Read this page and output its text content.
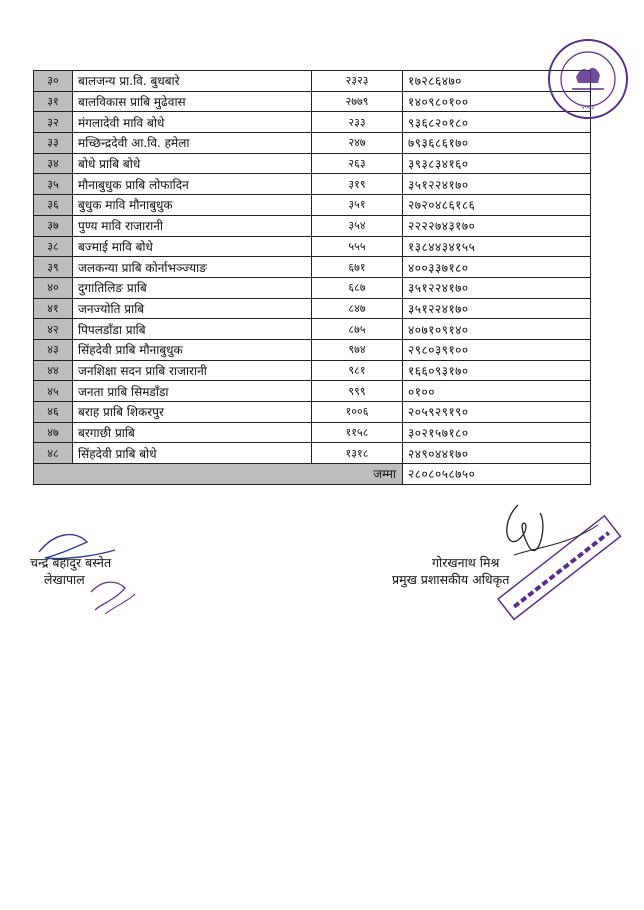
३०	बालजन्य प्रा.वि. बुधबारे	२३२३	१७२८६४७०
३१	बालविकास प्राबि मुढेवास	२७७९	१४०९८०१००
३२	मंगलादेवी मावि बोधे	२३३	९३६८२०१८०
३३	मच्छिन्द्रदेवी आ.वि. हमेला	२४७	७९३६८६१७०
३४	बोधे प्राबि बोधे	२६३	३९३८३४१६०
३५	मौनाबुधुक प्राबि लोफादिन	३१९	३५१२२४१७०
३६	बुधुक मावि मौनाबुधुक	३५१	२७२०४८६१८६
३७	पुण्य मावि राजारानी	३५४	२२२२७४३१७०
३८	बज्माई मावि बोधे	५५५	१३८४४३४१५५
३९	जलकन्या प्राबि कोर्नाभञ्ज्याङ	६७१	४००३३७१८०
४०	दुगातिलिङ प्राबि	६८७	३५१२२४१७०
४१	जनज्योति प्राबि	८४७	३५१२२४१७०
४२	पिपलडाँडा प्राबि	८७५	४०७१०९१४०
४३	सिंहदेवी प्राबि मौनाबुधुक	९७४	२९८०३९१००
४४	जनशिक्षा सदन प्राबि राजारानी	९८१	१६६०९३१७०
४५	जनता प्राबि सिमडाँडा	९९९	०१००
४६	बराह प्राबि शिकरपुर	१००६	२०५९२९१९०
४७	बरगाछी प्राबि	११५८	३०२१५७१८०
४८	सिंहदेवी प्राबि बोधे	१३१८	२४९०४४१७०
जम्मा			२८०८०५८७५०
२०७३
चन्द्र बहादुर बस्नेत
लेखापाल
गोरखनाथ मिश्र
प्रमुख प्रशासकीय अधिकृत
